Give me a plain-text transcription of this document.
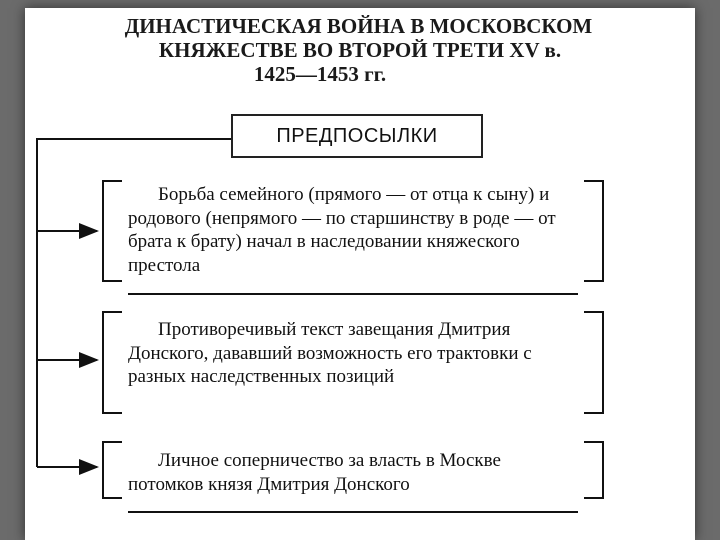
ДИНАСТИЧЕСКАЯ ВОЙНА В МОСКОВСКОМ
КНЯЖЕСТВЕ ВО ВТОРОЙ ТРЕТИ XV в.
1425—1453 гг.
ПРЕДПОСЫЛКИ
Борьба семейного (прямого — от отца к сыну) и родового (непрямого — по старшинству в роде — от брата к брату) начал в наследовании княжеского престола
Противоречивый текст завещания Дмитрия Донского, дававший возможность его трактовки с разных наследственных позиций
Личное соперничество за власть в Москве потомков князя Дмитрия Донского
